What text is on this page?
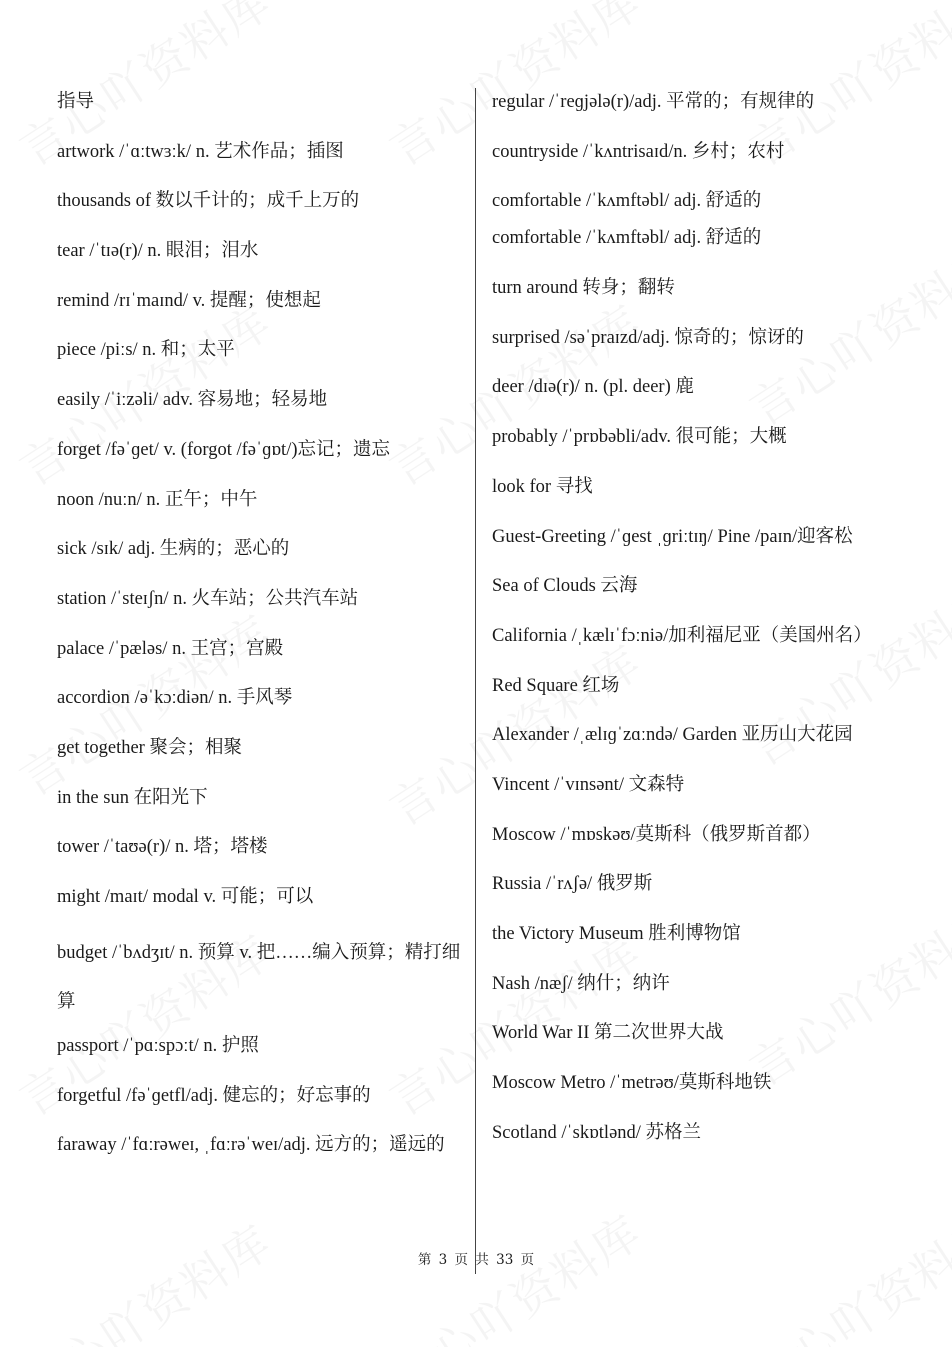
指导
artwork /ˈɑːtwɜːk/ n. 艺术作品；插图
thousands of 数以千计的；成千上万的
tear /ˈtɪə(r)/ n. 眼泪；泪水
remind /rɪˈmaɪnd/ v. 提醒；使想起
piece /piːs/ n. 和；太平
easily /ˈiːzəli/ adv. 容易地；轻易地
forget /fəˈɡet/ v. (forgot /fəˈɡɒt/)忘记；遗忘
noon /nuːn/ n. 正午；中午
sick /sɪk/ adj. 生病的；恶心的
station /ˈsteɪʃn/ n. 火车站；公共汽车站
palace /ˈpæləs/ n. 王宫；宫殿
accordion /əˈkɔːdiən/ n. 手风琴
get together 聚会；相聚
in the sun 在阳光下
tower /ˈtaʊə(r)/ n. 塔；塔楼
might /maɪt/ modal v. 可能；可以
budget /ˈbʌdʒɪt/ n. 预算 v. 把……编入预算；精打细算
passport /ˈpɑːspɔːt/ n. 护照
forgetful /fəˈɡetfl/adj. 健忘的；好忘事的
faraway /ˈfɑːrəweɪ, ˌfɑːrəˈweɪ/adj. 远方的；遥远的
regular /ˈreɡjələ(r)/adj. 平常的；有规律的
countryside /ˈkʌntrisaɪd/n. 乡村；农村
comfortable /ˈkʌmftəbl/ adj. 舒适的
comfortable /ˈkʌmftəbl/ adj. 舒适的
turn around 转身；翻转
surprised /səˈpraɪzd/adj. 惊奇的；惊讶的
deer /dɪə(r)/ n. (pl. deer) 鹿
probably /ˈprɒbəbli/adv. 很可能；大概
look for 寻找
Guest-Greeting /ˈɡest ˌɡriːtɪŋ/ Pine /paɪn/迎客松
Sea of Clouds 云海
California /ˌkælɪˈfɔːniə/加利福尼亚（美国州名）
Red Square 红场
Alexander /ˌælɪɡˈzɑːndə/ Garden 亚历山大花园
Vincent /ˈvɪnsənt/ 文森特
Moscow /ˈmɒskəʊ/莫斯科（俄罗斯首都）
Russia /ˈrʌʃə/ 俄罗斯
the Victory Museum 胜利博物馆
Nash /næʃ/ 纳什；纳许
World War II 第二次世界大战
Moscow Metro /ˈmetrəʊ/莫斯科地铁
Scotland /ˈskɒtlənd/ 苏格兰
第 3 页 共 33 页
